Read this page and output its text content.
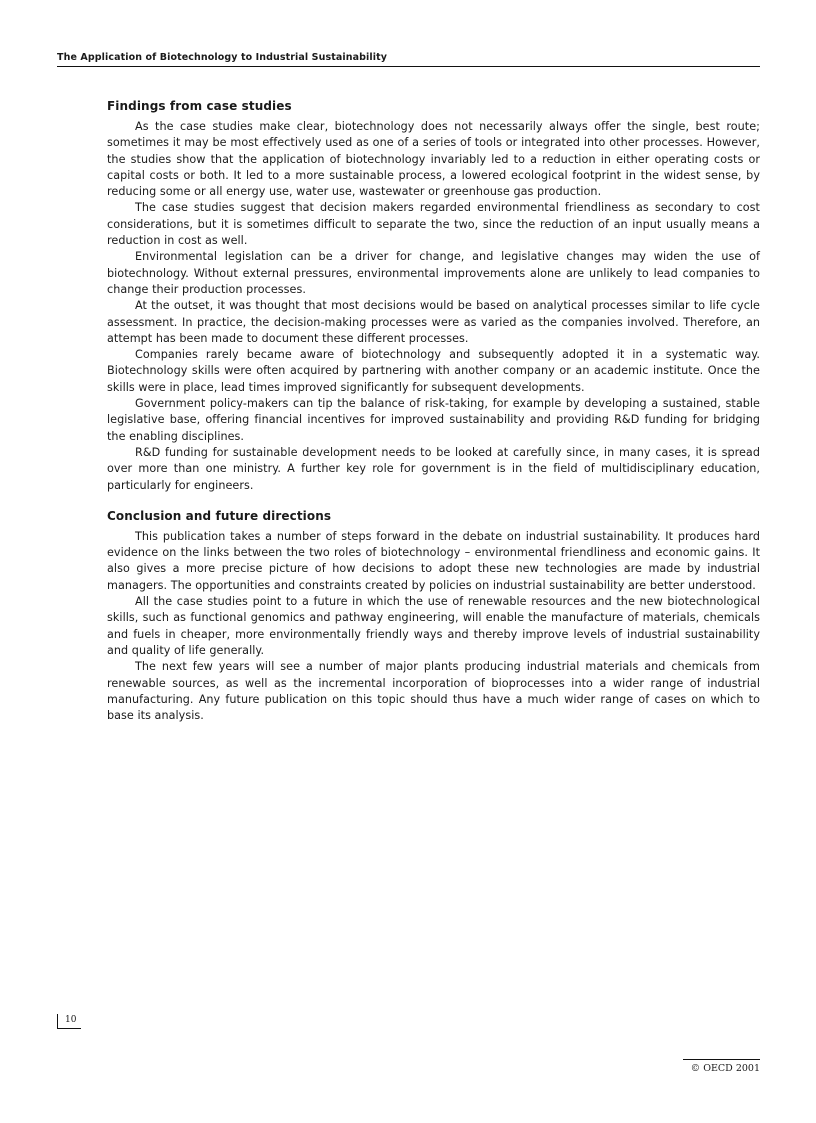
The Application of Biotechnology to Industrial Sustainability
Findings from case studies

As the case studies make clear, biotechnology does not necessarily always offer the single, best route; sometimes it may be most effectively used as one of a series of tools or integrated into other processes. However, the studies show that the application of biotechnology invariably led to a reduction in either operating costs or capital costs or both. It led to a more sustainable process, a lowered ecological footprint in the widest sense, by reducing some or all energy use, water use, wastewater or greenhouse gas production.

The case studies suggest that decision makers regarded environmental friendliness as secondary to cost considerations, but it is sometimes difficult to separate the two, since the reduction of an input usually means a reduction in cost as well.

Environmental legislation can be a driver for change, and legislative changes may widen the use of biotechnology. Without external pressures, environmental improvements alone are unlikely to lead companies to change their production processes.

At the outset, it was thought that most decisions would be based on analytical processes similar to life cycle assessment. In practice, the decision-making processes were as varied as the companies involved. Therefore, an attempt has been made to document these different processes.

Companies rarely became aware of biotechnology and subsequently adopted it in a systematic way. Biotechnology skills were often acquired by partnering with another company or an academic institute. Once the skills were in place, lead times improved significantly for subsequent developments.

Government policy-makers can tip the balance of risk-taking, for example by developing a sustained, stable legislative base, offering financial incentives for improved sustainability and providing R&D funding for bridging the enabling disciplines.

R&D funding for sustainable development needs to be looked at carefully since, in many cases, it is spread over more than one ministry. A further key role for government is in the field of multidisciplinary education, particularly for engineers.

Conclusion and future directions

This publication takes a number of steps forward in the debate on industrial sustainability. It produces hard evidence on the links between the two roles of biotechnology – environmental friendliness and economic gains. It also gives a more precise picture of how decisions to adopt these new technologies are made by industrial managers. The opportunities and constraints created by policies on industrial sustainability are better understood.

All the case studies point to a future in which the use of renewable resources and the new biotechnological skills, such as functional genomics and pathway engineering, will enable the manufacture of materials, chemicals and fuels in cheaper, more environmentally friendly ways and thereby improve levels of industrial sustainability and quality of life generally.

The next few years will see a number of major plants producing industrial materials and chemicals from renewable sources, as well as the incremental incorporation of bioprocesses into a wider range of industrial manufacturing. Any future publication on this topic should thus have a much wider range of cases on which to base its analysis.

10
© OECD 2001
